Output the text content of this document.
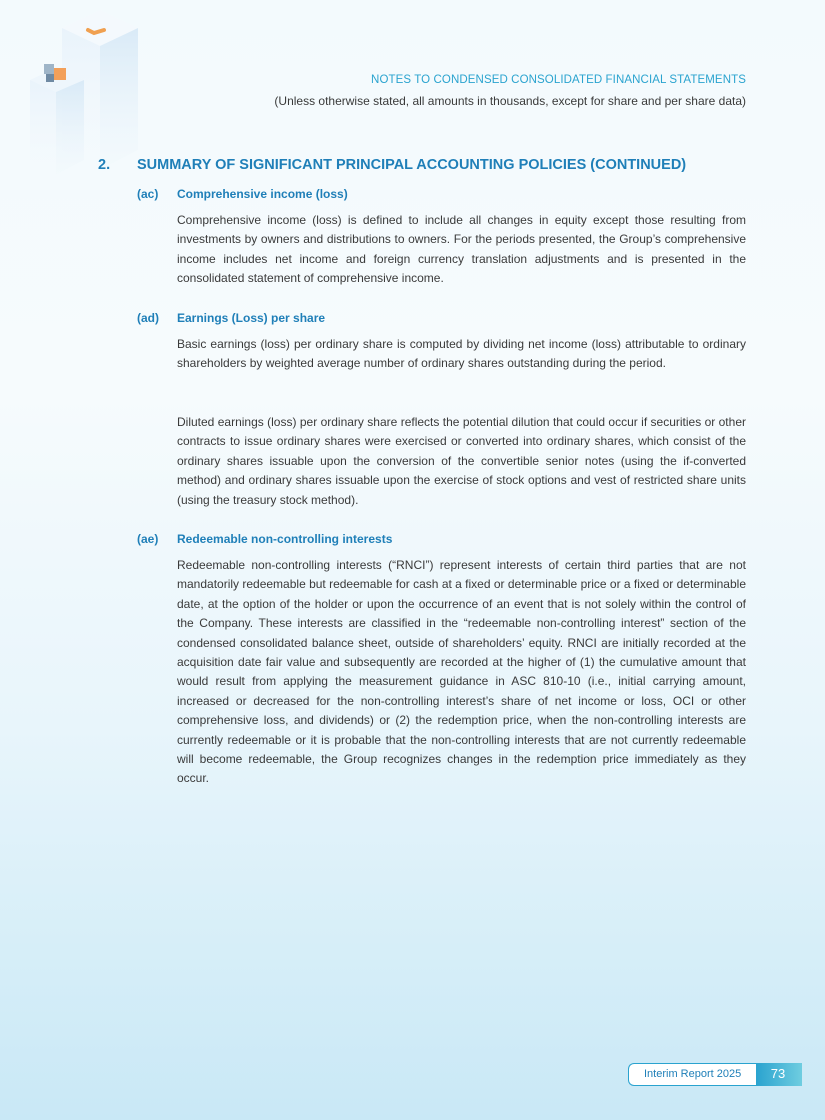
NOTES TO CONDENSED CONSOLIDATED FINANCIAL STATEMENTS
(Unless otherwise stated, all amounts in thousands, except for share and per share data)
2. SUMMARY OF SIGNIFICANT PRINCIPAL ACCOUNTING POLICIES (CONTINUED)
(ac) Comprehensive income (loss)

Comprehensive income (loss) is defined to include all changes in equity except those resulting from investments by owners and distributions to owners. For the periods presented, the Group’s comprehensive income includes net income and foreign currency translation adjustments and is presented in the consolidated statement of comprehensive income.

(ad) Earnings (Loss) per share

Basic earnings (loss) per ordinary share is computed by dividing net income (loss) attributable to ordinary shareholders by weighted average number of ordinary shares outstanding during the period.

Diluted earnings (loss) per ordinary share reflects the potential dilution that could occur if securities or other contracts to issue ordinary shares were exercised or converted into ordinary shares, which consist of the ordinary shares issuable upon the conversion of the convertible senior notes (using the if-converted method) and ordinary shares issuable upon the exercise of stock options and vest of restricted share units (using the treasury stock method).

(ae) Redeemable non-controlling interests

Redeemable non-controlling interests (“RNCI”) represent interests of certain third parties that are not mandatorily redeemable but redeemable for cash at a fixed or determinable price or a fixed or determinable date, at the option of the holder or upon the occurrence of an event that is not solely within the control of the Company. These interests are classified in the “redeemable non-controlling interest” section of the condensed consolidated balance sheet, outside of shareholders’ equity. RNCI are initially recorded at the acquisition date fair value and subsequently are recorded at the higher of (1) the cumulative amount that would result from applying the measurement guidance in ASC 810-10 (i.e., initial carrying amount, increased or decreased for the non-controlling interest’s share of net income or loss, OCI or other comprehensive loss, and dividends) or (2) the redemption price, when the non-controlling interests are currently redeemable or it is probable that the non-controlling interests that are not currently redeemable will become redeemable, the Group recognizes changes in the redemption price immediately as they occur.

Interim Report 2025	73
